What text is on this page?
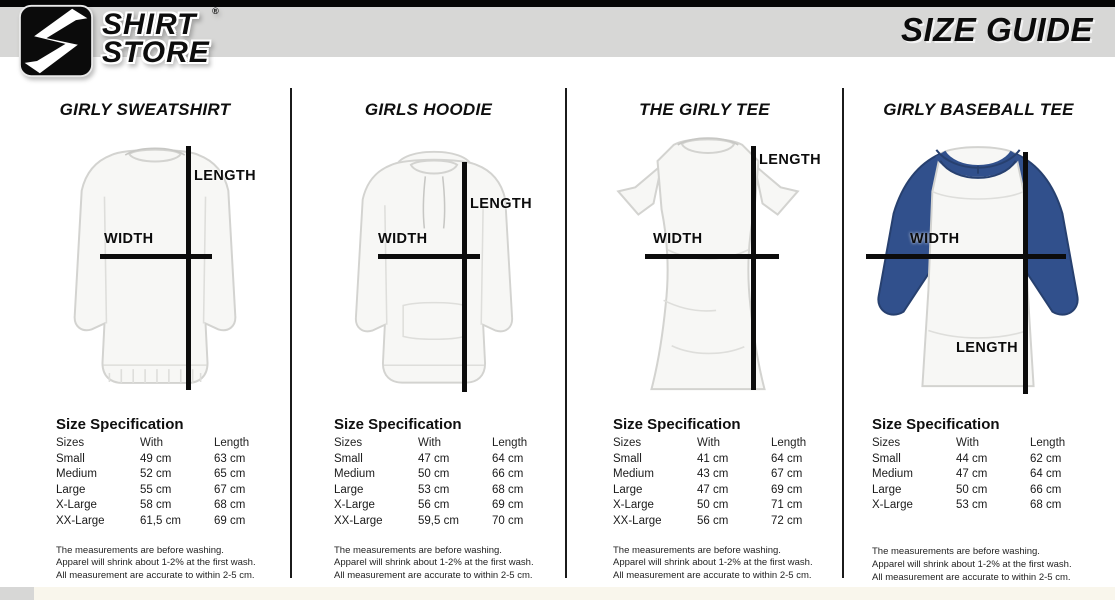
SHIRT
STORE
®	SIZE GUIDE
GIRLY SWEATSHIRT
WIDTH
LENGTH
Size Specification
Sizes	With	Length
Small	49 cm	63 cm
Medium	52 cm	65 cm
Large	55 cm	67 cm
X-Large	58 cm	68 cm
XX-Large	61,5 cm	69 cm
The measurements are before washing.
Apparel will shrink about 1-2% at the first wash.
All measurement are accurate to within 2-5 cm.
GIRLS HOODIE
WIDTH
LENGTH
Size Specification
Sizes	With	Length
Small	47 cm	64 cm
Medium	50 cm	66 cm
Large	53 cm	68 cm
X-Large	56 cm	69 cm
XX-Large	59,5 cm	70 cm
The measurements are before washing.
Apparel will shrink about 1-2% at the first wash.
All measurement are accurate to within 2-5 cm.
THE GIRLY TEE
WIDTH
LENGTH
Size Specification
Sizes	With	Length
Small	41 cm	64 cm
Medium	43 cm	67 cm
Large	47 cm	69 cm
X-Large	50 cm	71 cm
XX-Large	56 cm	72 cm
The measurements are before washing.
Apparel will shrink about 1-2% at the first wash.
All measurement are accurate to within 2-5 cm.
GIRLY BASEBALL TEE
WIDTH
LENGTH
Size Specification
Sizes	With	Length
Small	44 cm	62 cm
Medium	47 cm	64 cm
Large	50 cm	66 cm
X-Large	53 cm	68 cm
The measurements are before washing.
Apparel will shrink about 1-2% at the first wash.
All measurement are accurate to within 2-5 cm.
